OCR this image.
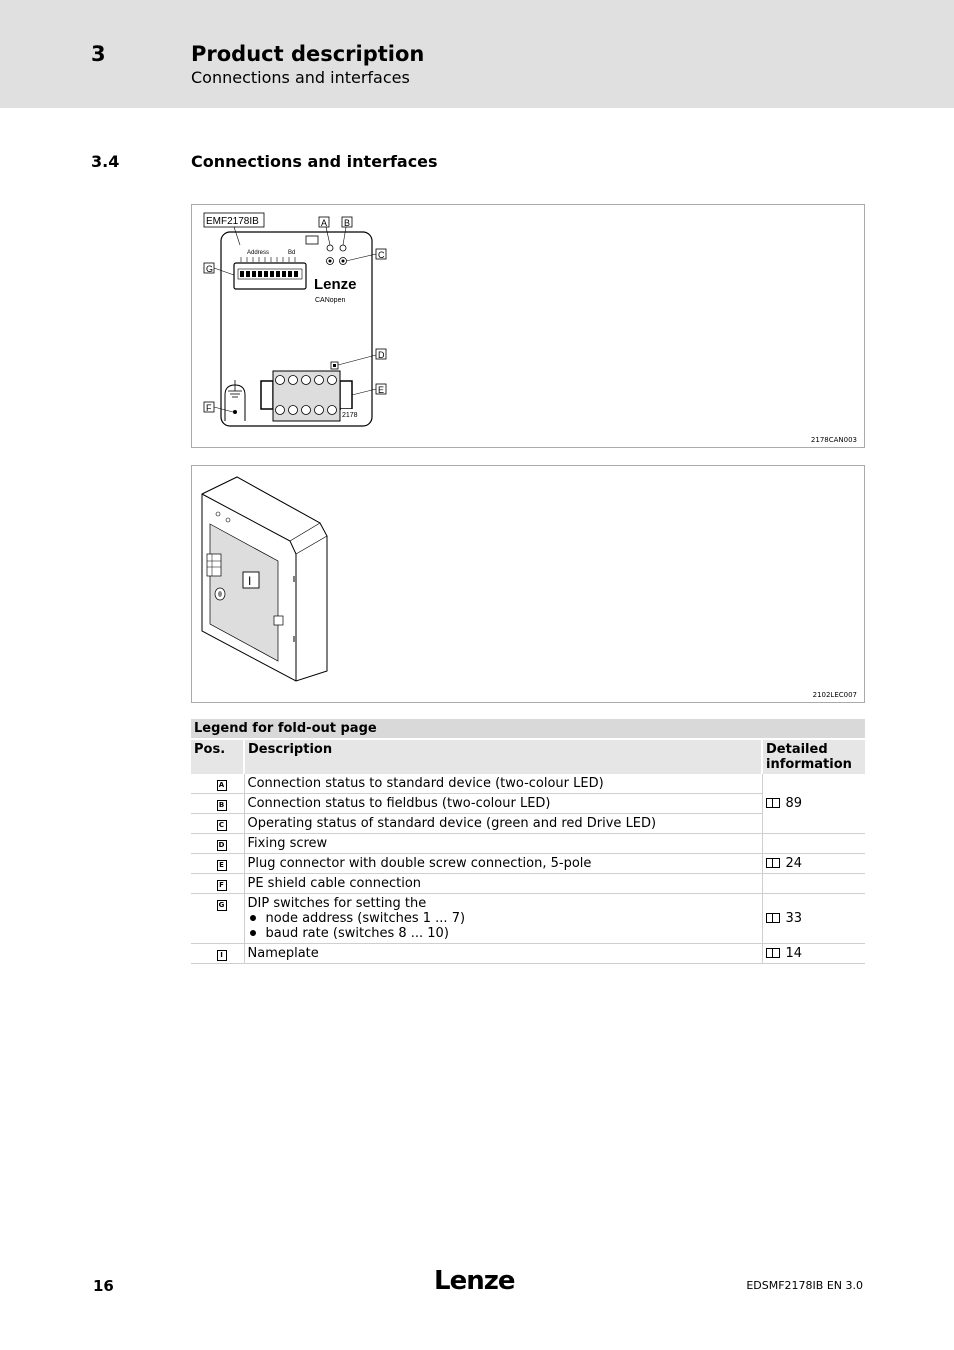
3	Product description
Connections and interfaces
3.4	Connections and interfaces
EMF2178IB	A B
C
Address	Bd
G
Lenze
CANopen
D
2178
E
F
2178CAN003
I
2102LEC007
Legend for fold-out page		
Pos.	Description	Detailed information
A	Connection status to standard device (two-colour LED)	89
B	Connection status to fieldbus (two-colour LED)	
C	Operating status of standard device (green and red Drive LED)	
D	Fixing screw	
E	Plug connector with double screw connection, 5-pole	24
F	PE shield cable connection	
G	DIP switches for setting the
node address (switches 1 ... 7)
baud rate (switches 8 ... 10)	33
I	Nameplate	14
16	Lenze	EDSMF2178IB EN 3.0
